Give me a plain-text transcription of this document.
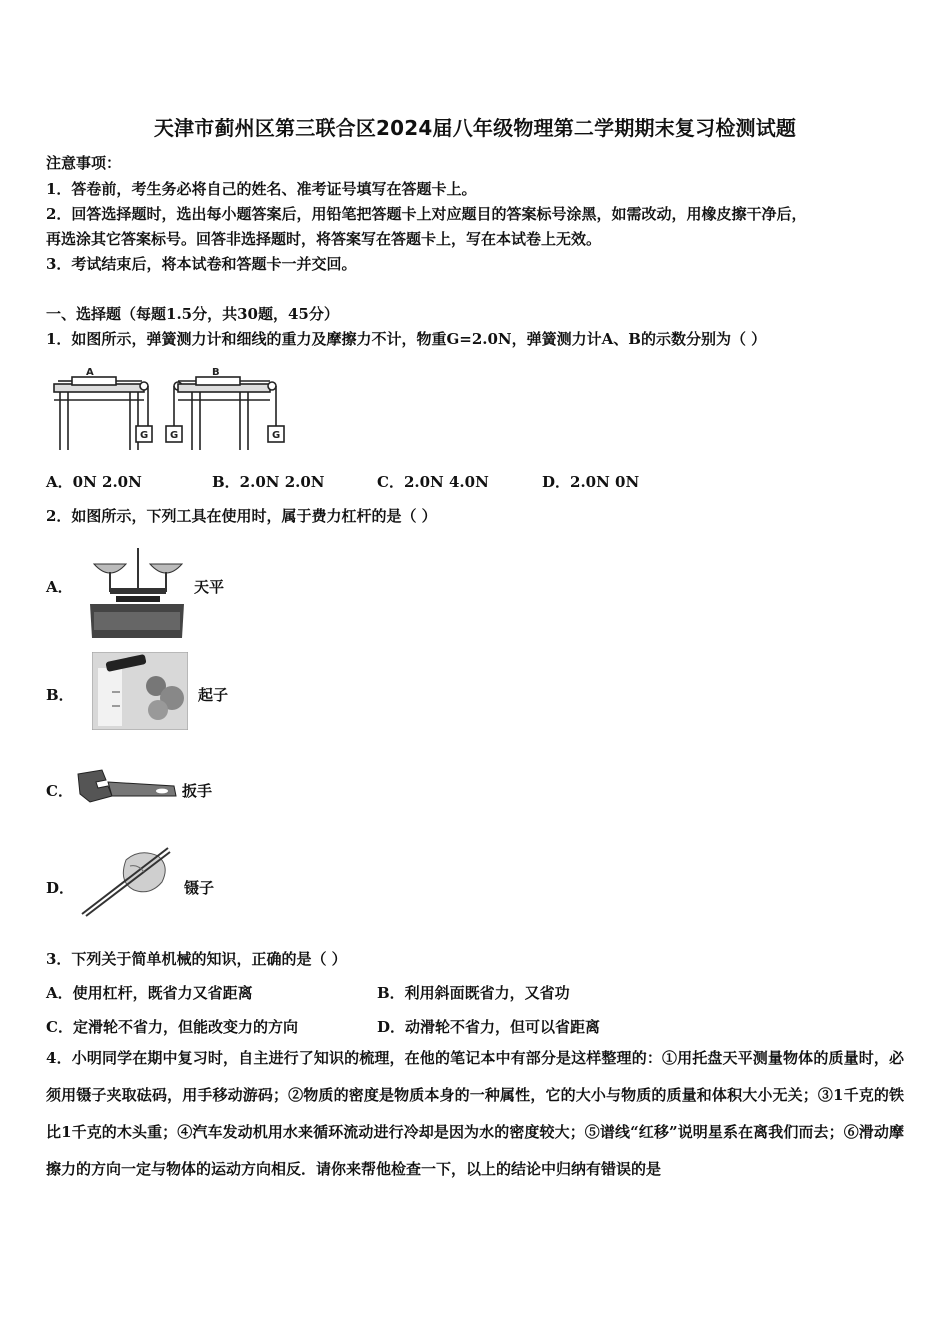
天津市蓟州区第三联合区2024届八年级物理第二学期期末复习检测试题
注意事项：
1．答卷前，考生务必将自己的姓名、准考证号填写在答题卡上。
2．回答选择题时，选出每小题答案后，用铅笔把答题卡上对应题目的答案标号涂黑，如需改动，用橡皮擦干净后，
再选涂其它答案标号。回答非选择题时，将答案写在答题卡上，写在本试卷上无效。
3．考试结束后，将本试卷和答题卡一并交回。
一、选择题（每题1.5分，共30题，45分）
1．如图所示，弹簧测力计和细线的重力及摩擦力不计，物重G=2.0N，弹簧测力计A、B的示数分别为（ ）
A	B
G G	G
A．0N 2.0N	B．2.0N 2.0N	C．2.0N 4.0N	D．2.0N 0N
2．如图所示，下列工具在使用时，属于费力杠杆的是（ ）
A．	天平
B．	起子
C．	扳手
D．	镊子
3．下列关于简单机械的知识，正确的是（ ）
A．使用杠杆，既省力又省距离	B．利用斜面既省力，又省功
C．定滑轮不省力，但能改变力的方向	D．动滑轮不省力，但可以省距离
4．小明同学在期中复习时，自主进行了知识的梳理，在他的笔记本中有部分是这样整理的：①用托盘天平测量物体的质量时，必须用镊子夹取砝码，用手移动游码；②物质的密度是物质本身的一种属性，它的大小与物质的质量和体积大小无关；③1千克的铁比1千克的木头重；④汽车发动机用水来循环流动进行冷却是因为水的密度较大；⑤谱线“红移”说明星系在离我们而去；⑥滑动摩擦力的方向一定与物体的运动方向相反．请你来帮他检查一下，以上的结论中归纳有错误的是
